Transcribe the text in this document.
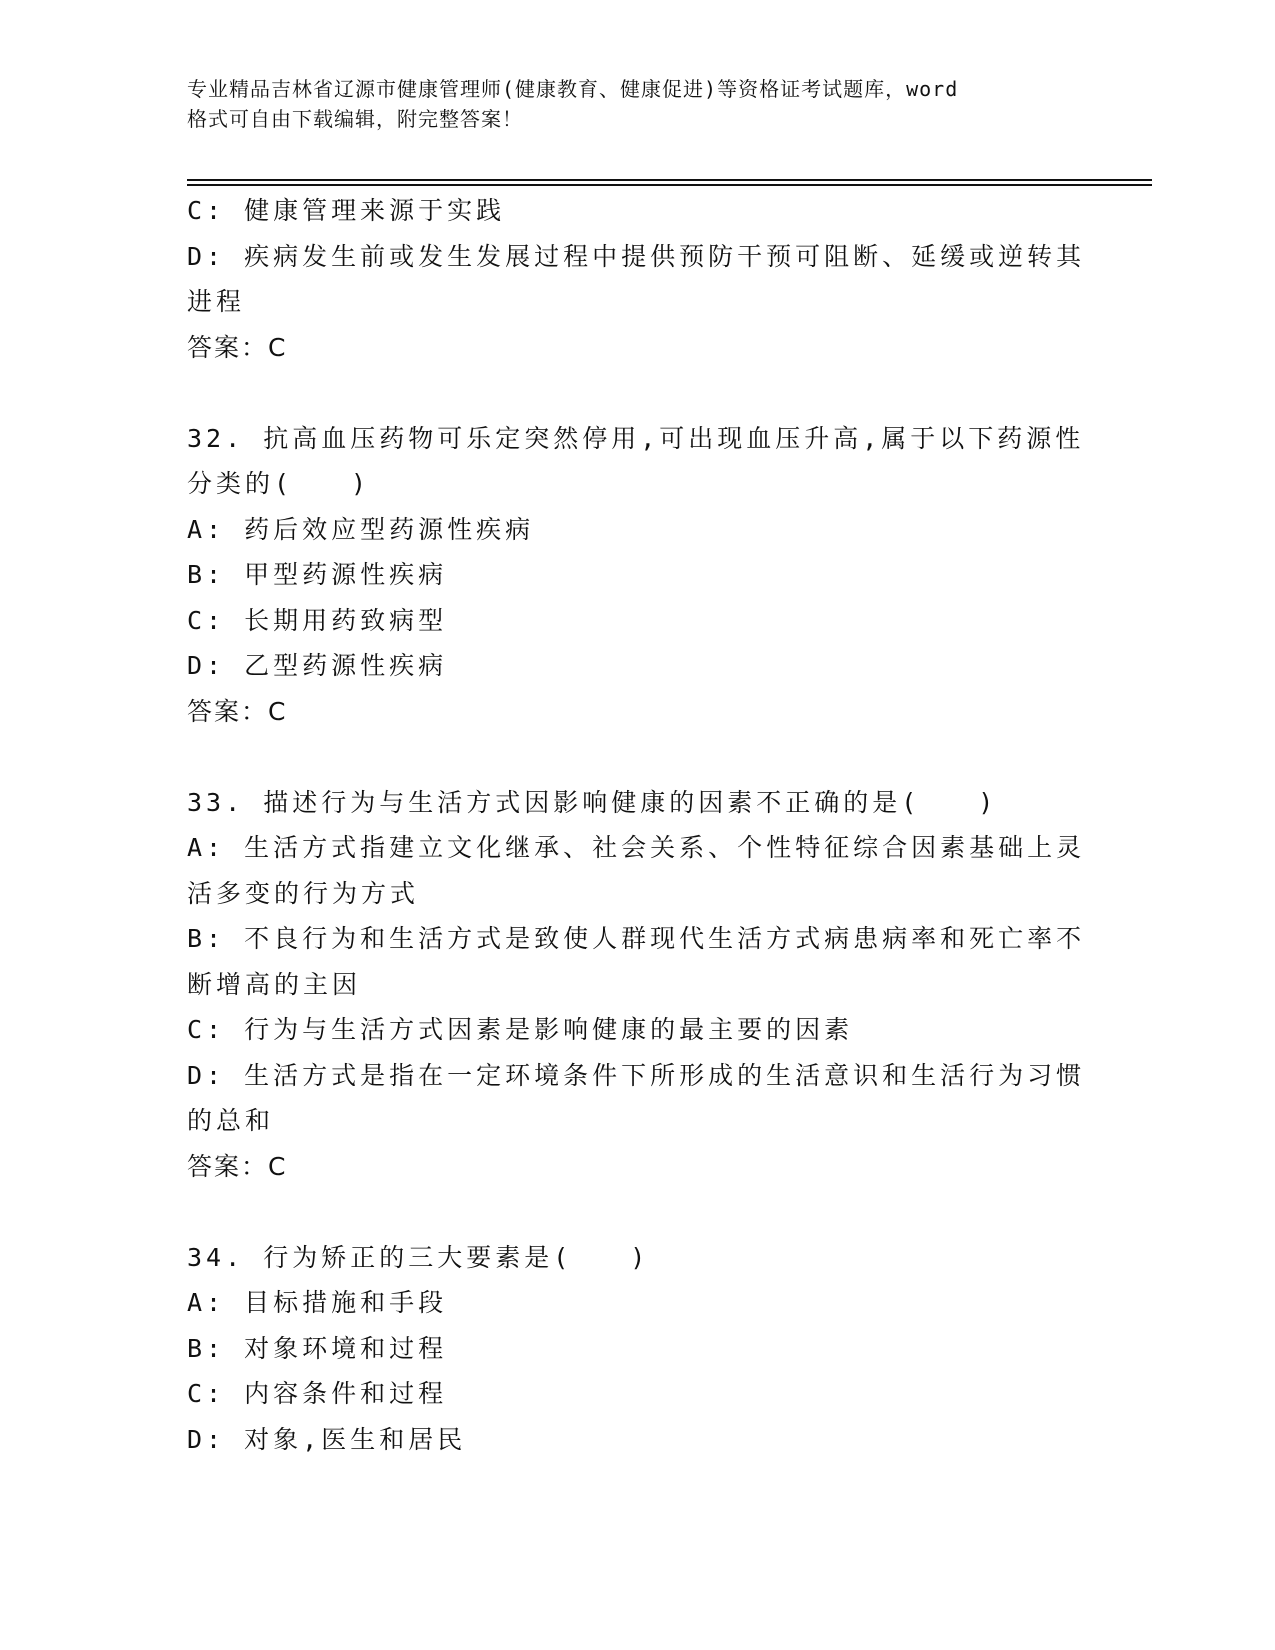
专业精品吉林省辽源市健康管理师(健康教育、健康促进)等资格证考试题库，word
格式可自由下载编辑，附完整答案！
C: 健康管理来源于实践
D: 疾病发生前或发生发展过程中提供预防干预可阻断、延缓或逆转其
进程
答案：C
32. 抗高血压药物可乐定突然停用,可出现血压升高,属于以下药源性
分类的(　　)
A: 药后效应型药源性疾病
B: 甲型药源性疾病
C: 长期用药致病型
D: 乙型药源性疾病
答案：C
33. 描述行为与生活方式因影响健康的因素不正确的是(　　)
A: 生活方式指建立文化继承、社会关系、个性特征综合因素基础上灵
活多变的行为方式
B: 不良行为和生活方式是致使人群现代生活方式病患病率和死亡率不
断增高的主因
C: 行为与生活方式因素是影响健康的最主要的因素
D: 生活方式是指在一定环境条件下所形成的生活意识和生活行为习惯
的总和
答案：C
34. 行为矫正的三大要素是(　　)
A: 目标措施和手段
B: 对象环境和过程
C: 内容条件和过程
D: 对象,医生和居民
